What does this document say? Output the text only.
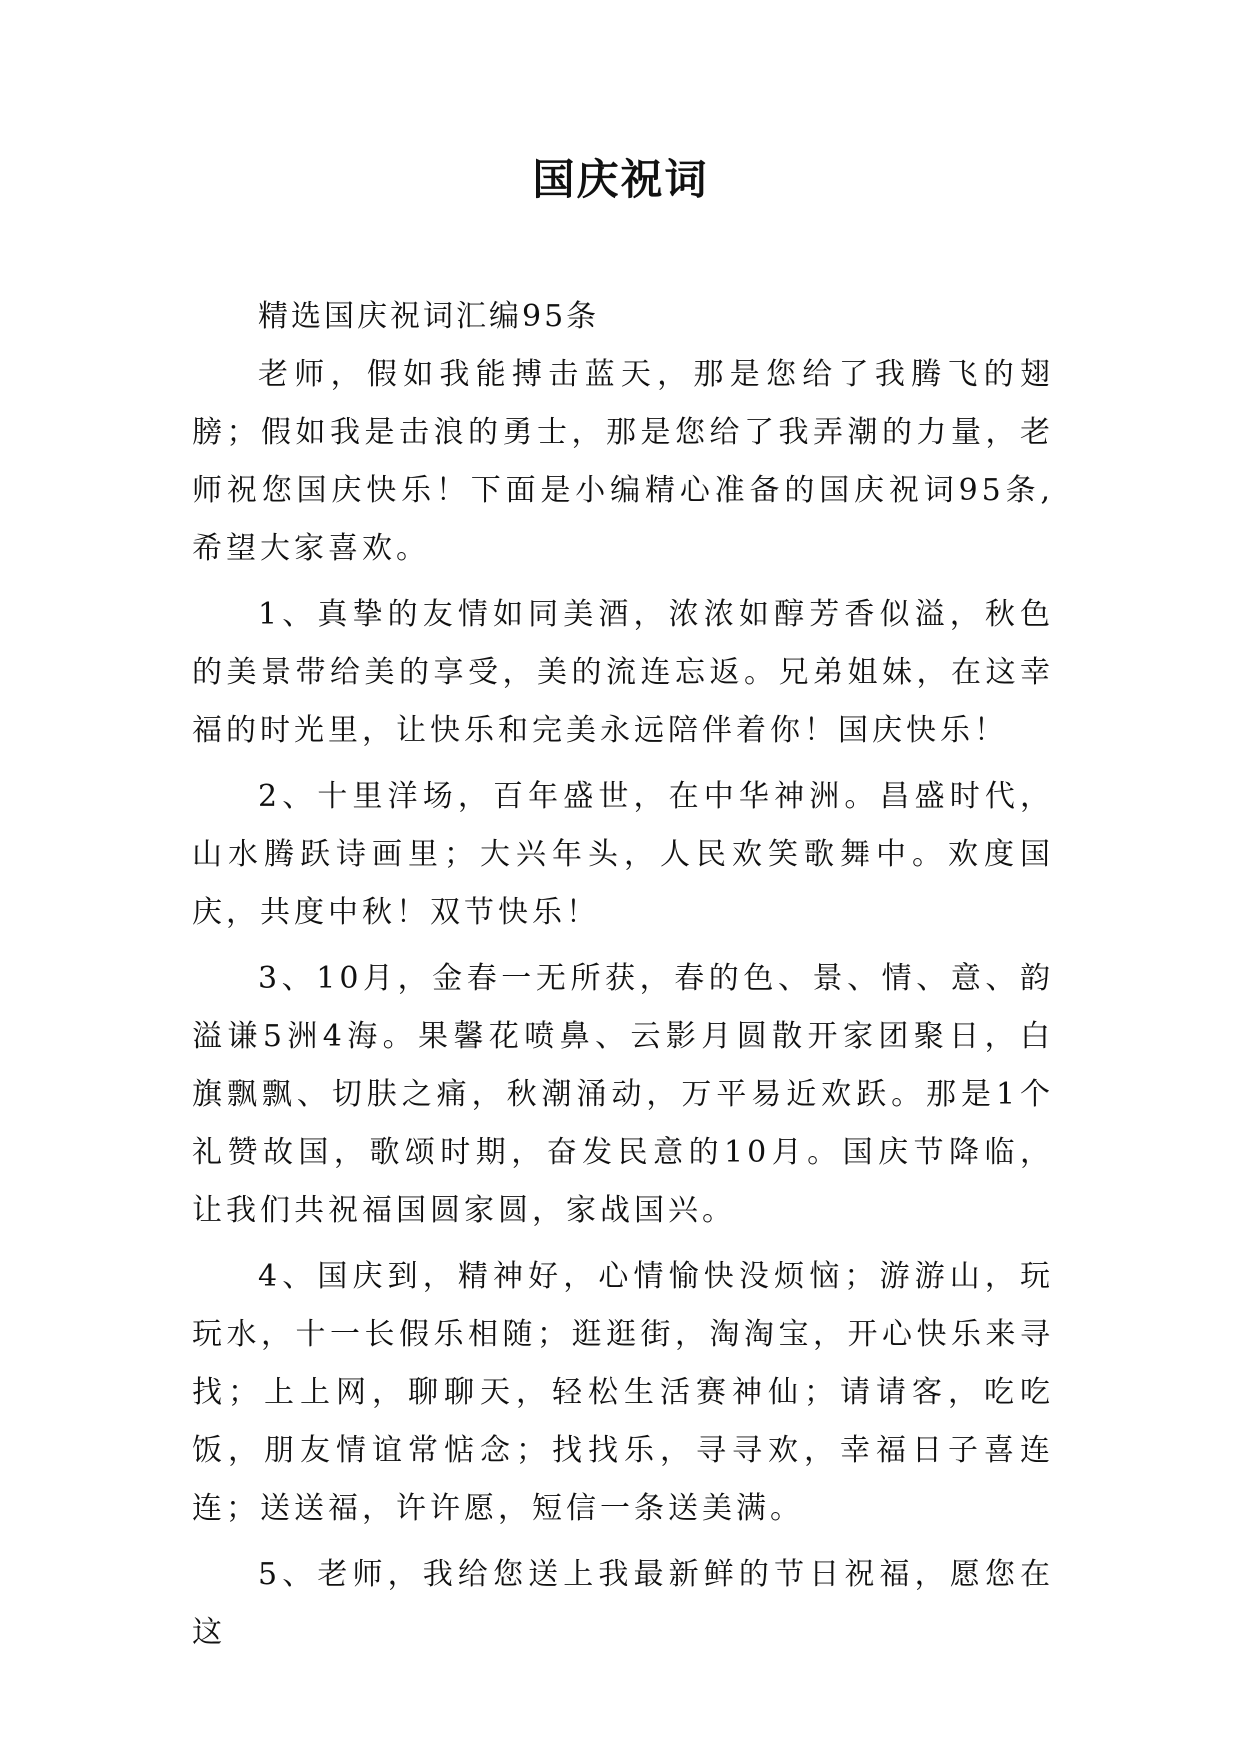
国庆祝词

精选国庆祝词汇编95条

老师，假如我能搏击蓝天，那是您给了我腾飞的翅膀；假如我是击浪的勇士，那是您给了我弄潮的力量，老师祝您国庆快乐！下面是小编精心准备的国庆祝词95条,希望大家喜欢。

1、真挚的友情如同美酒，浓浓如醇芳香似溢，秋色的美景带给美的享受，美的流连忘返。兄弟姐妹，在这幸福的时光里，让快乐和完美永远陪伴着你！国庆快乐！

2、十里洋场，百年盛世，在中华神洲。昌盛时代，山水腾跃诗画里；大兴年头，人民欢笑歌舞中。欢度国庆，共度中秋！双节快乐！

3、10月，金春一无所获，春的色、景、情、意、韵溢谦5洲4海。果馨花喷鼻、云影月圆散开家团聚日，白旗飘飘、切肤之痛，秋潮涌动，万平易近欢跃。那是1个礼赞故国，歌颂时期，奋发民意的10月。国庆节降临，让我们共祝福国圆家圆，家战国兴。

4、国庆到，精神好，心情愉快没烦恼；游游山，玩玩水，十一长假乐相随；逛逛街，淘淘宝，开心快乐来寻找；上上网，聊聊天，轻松生活赛神仙；请请客，吃吃饭，朋友情谊常惦念；找找乐，寻寻欢，幸福日子喜连连；送送福，许许愿，短信一条送美满。

5、老师，我给您送上我最新鲜的节日祝福，愿您在这
